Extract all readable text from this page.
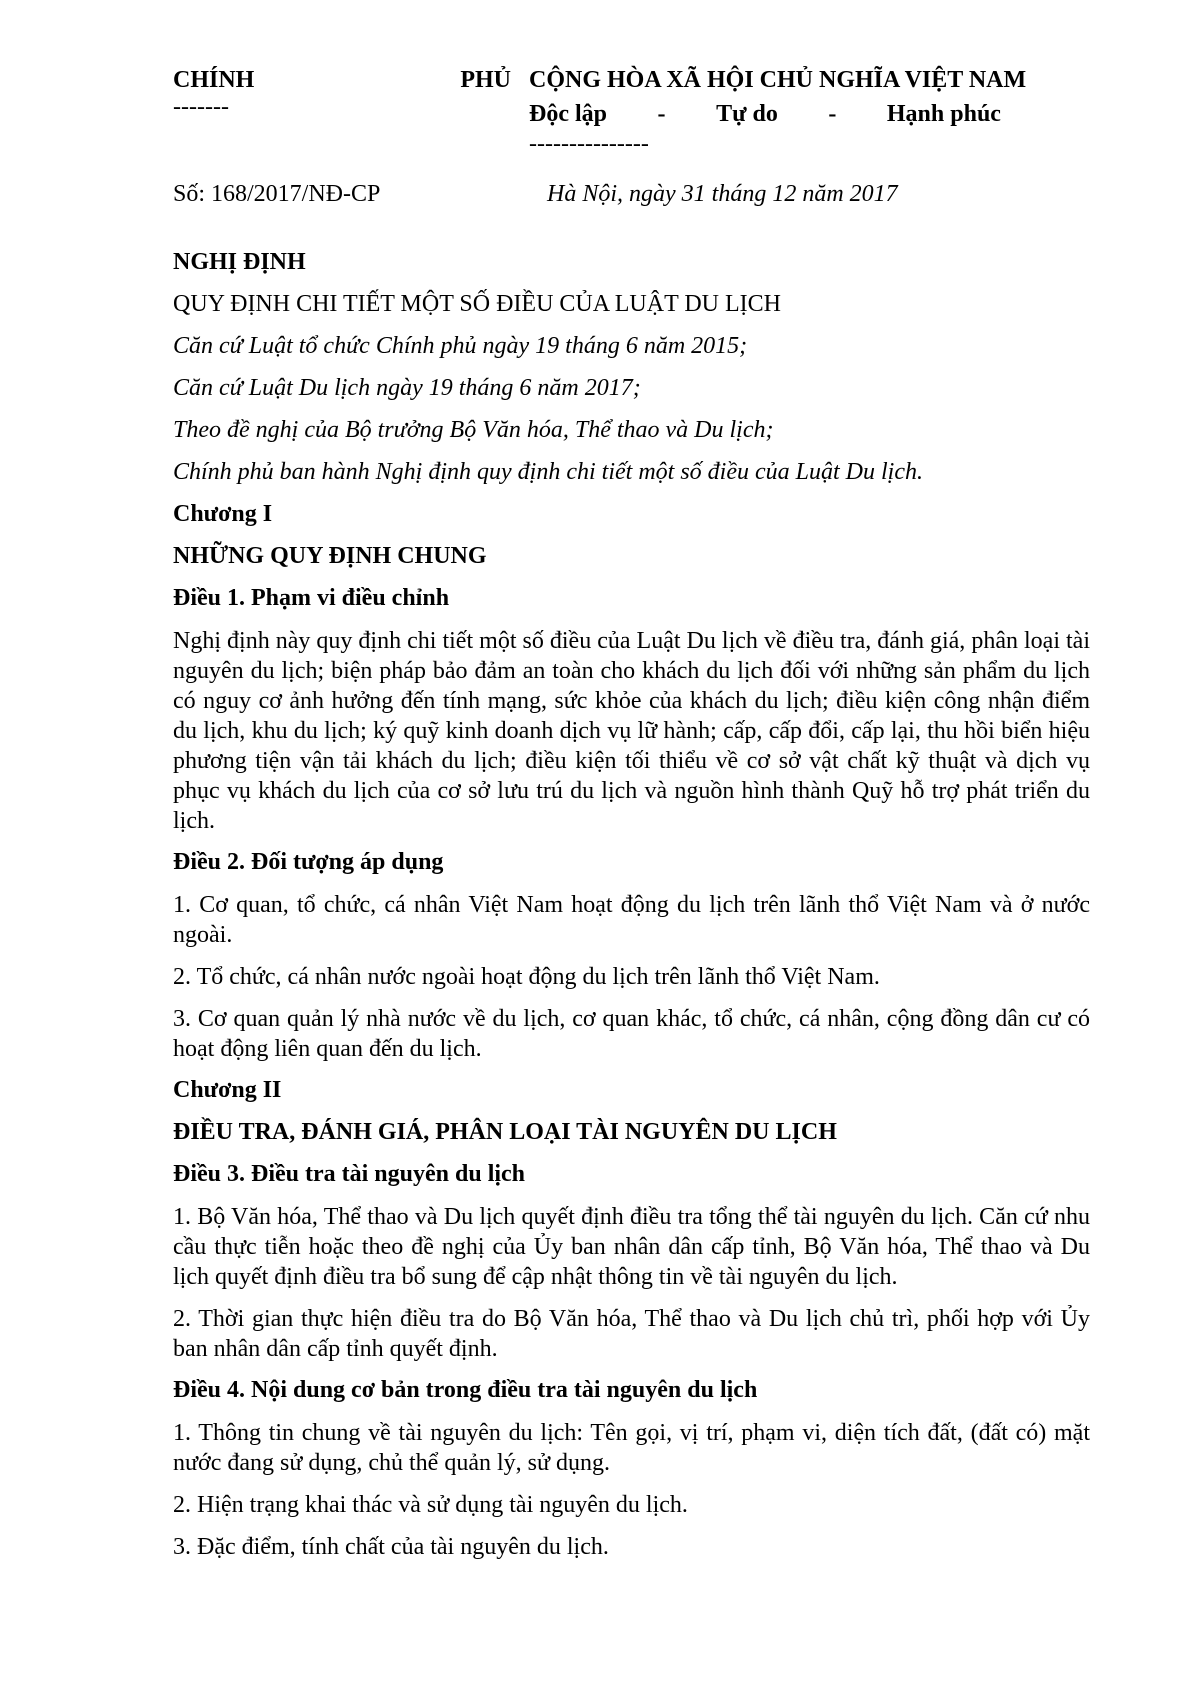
CHÍNH
-------
PHỦ CỘNG HÒA XÃ HỘI CHỦ NGHĨA VIỆT NAM
Độc lập - Tự do - Hạnh phúc
---------------
Số: 168/2017/NĐ-CP	Hà Nội, ngày 31 tháng 12 năm 2017
NGHỊ ĐỊNH
QUY ĐỊNH CHI TIẾT MỘT SỐ ĐIỀU CỦA LUẬT DU LỊCH
Căn cứ Luật tổ chức Chính phủ ngày 19 tháng 6 năm 2015;
Căn cứ Luật Du lịch ngày 19 tháng 6 năm 2017;
Theo đề nghị của Bộ trưởng Bộ Văn hóa, Thể thao và Du lịch;
Chính phủ ban hành Nghị định quy định chi tiết một số điều của Luật Du lịch.
Chương I
NHỮNG QUY ĐỊNH CHUNG
Điều 1. Phạm vi điều chỉnh
Nghị định này quy định chi tiết một số điều của Luật Du lịch về điều tra, đánh giá, phân loại tài nguyên du lịch; biện pháp bảo đảm an toàn cho khách du lịch đối với những sản phẩm du lịch có nguy cơ ảnh hưởng đến tính mạng, sức khỏe của khách du lịch; điều kiện công nhận điểm du lịch, khu du lịch; ký quỹ kinh doanh dịch vụ lữ hành; cấp, cấp đổi, cấp lại, thu hồi biển hiệu phương tiện vận tải khách du lịch; điều kiện tối thiểu về cơ sở vật chất kỹ thuật và dịch vụ phục vụ khách du lịch của cơ sở lưu trú du lịch và nguồn hình thành Quỹ hỗ trợ phát triển du lịch.
Điều 2. Đối tượng áp dụng
1. Cơ quan, tổ chức, cá nhân Việt Nam hoạt động du lịch trên lãnh thổ Việt Nam và ở nước ngoài.
2. Tổ chức, cá nhân nước ngoài hoạt động du lịch trên lãnh thổ Việt Nam.
3. Cơ quan quản lý nhà nước về du lịch, cơ quan khác, tổ chức, cá nhân, cộng đồng dân cư có hoạt động liên quan đến du lịch.
Chương II
ĐIỀU TRA, ĐÁNH GIÁ, PHÂN LOẠI TÀI NGUYÊN DU LỊCH
Điều 3. Điều tra tài nguyên du lịch
1. Bộ Văn hóa, Thể thao và Du lịch quyết định điều tra tổng thể tài nguyên du lịch. Căn cứ nhu cầu thực tiễn hoặc theo đề nghị của Ủy ban nhân dân cấp tỉnh, Bộ Văn hóa, Thể thao và Du lịch quyết định điều tra bổ sung để cập nhật thông tin về tài nguyên du lịch.
2. Thời gian thực hiện điều tra do Bộ Văn hóa, Thể thao và Du lịch chủ trì, phối hợp với Ủy ban nhân dân cấp tỉnh quyết định.
Điều 4. Nội dung cơ bản trong điều tra tài nguyên du lịch
1. Thông tin chung về tài nguyên du lịch: Tên gọi, vị trí, phạm vi, diện tích đất, (đất có) mặt nước đang sử dụng, chủ thể quản lý, sử dụng.
2. Hiện trạng khai thác và sử dụng tài nguyên du lịch.
3. Đặc điểm, tính chất của tài nguyên du lịch.
